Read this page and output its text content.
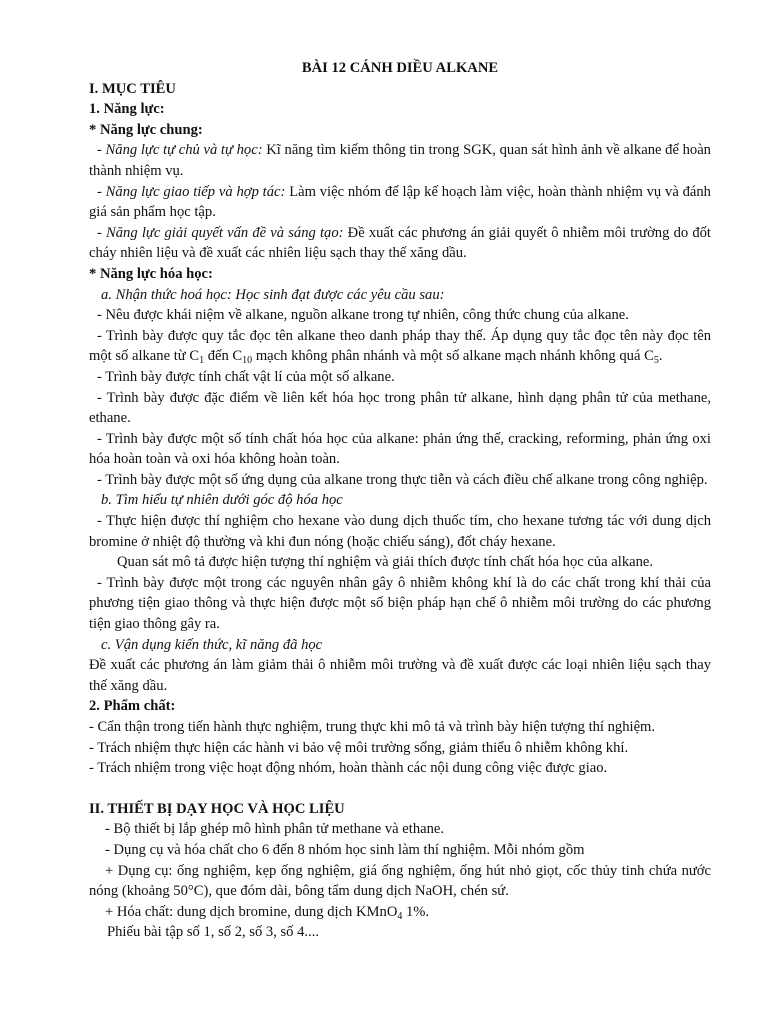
BÀI 12 CÁNH DIỀU ALKANE

I. MỤC TIÊU

1. Năng lực:

* Năng lực chung:

- Năng lực tự chủ và tự học: Kĩ năng tìm kiếm thông tin trong SGK, quan sát hình ảnh về alkane để hoàn thành nhiệm vụ.

- Năng lực giao tiếp và hợp tác: Làm việc nhóm để lập kế hoạch làm việc, hoàn thành nhiệm vụ và đánh giá sản phẩm học tập.

- Năng lực giải quyết vấn đề và sáng tạo: Đề xuất các phương án giải quyết ô nhiễm môi trường do đốt cháy nhiên liệu và đề xuất các nhiên liệu sạch thay thế xăng dầu.

* Năng lực hóa học:

a. Nhận thức hoá học: Học sinh đạt được các yêu cầu sau:

- Nêu được khái niệm về alkane, nguồn alkane trong tự nhiên, công thức chung của alkane.

- Trình bày được quy tắc đọc tên alkane theo danh pháp thay thế. Áp dụng quy tắc đọc tên này đọc tên một số alkane từ $C_1$ đến $C_{10}$ mạch không phân nhánh và một số alkane mạch nhánh không quá $C_5$.

- Trình bày được tính chất vật lí của một số alkane.

- Trình bày được đặc điểm về liên kết hóa học trong phân tử alkane, hình dạng phân tử của methane, ethane.

- Trình bày được một số tính chất hóa học của alkane: phản ứng thế, cracking, reforming, phản ứng oxi hóa hoàn toàn và oxi hóa không hoàn toàn.

- Trình bày được một số ứng dụng của alkane trong thực tiễn và cách điều chế alkane trong công nghiệp.

b. Tìm hiểu tự nhiên dưới góc độ hóa học

- Thực hiện được thí nghiệm cho hexane vào dung dịch thuốc tím, cho hexane tương tác với dung dịch bromine ở nhiệt độ thường và khi đun nóng (hoặc chiếu sáng), đốt cháy hexane.

Quan sát mô tả được hiện tượng thí nghiệm và giải thích được tính chất hóa học của alkane.

- Trình bày được một trong các nguyên nhân gây ô nhiễm không khí là do các chất trong khí thải của phương tiện giao thông và thực hiện được một số biện pháp hạn chế ô nhiễm môi trường do các phương tiện giao thông gây ra.

c. Vận dụng kiến thức, kĩ năng đã học

Đề xuất các phương án làm giảm thải ô nhiễm môi trường và đề xuất được các loại nhiên liệu sạch thay thế xăng dầu.

2. Phẩm chất:

- Cẩn thận trong tiến hành thực nghiệm, trung thực khi mô tả và trình bày hiện tượng thí nghiệm.

- Trách nhiệm thực hiện các hành vi bảo vệ môi trường sống, giảm thiểu ô nhiễm không khí.

- Trách nhiệm trong việc hoạt động nhóm, hoàn thành các nội dung công việc được giao.

II. THIẾT BỊ DẠY HỌC VÀ HỌC LIỆU

- Bộ thiết bị lắp ghép mô hình phân tử methane và ethane.

- Dụng cụ và hóa chất cho 6 đến 8 nhóm học sinh làm thí nghiệm. Mỗi nhóm gồm

+ Dụng cụ: ống nghiệm, kẹp ống nghiệm, giá ống nghiệm, ống hút nhỏ giọt, cốc thủy tinh chứa nước nóng (khoảng 50°C), que đóm dài, bông tẩm dung dịch NaOH, chén sứ.

+ Hóa chất: dung dịch bromine, dung dịch KMnO$_4$ 1%.

Phiếu bài tập số 1, số 2, số 3, số 4....
